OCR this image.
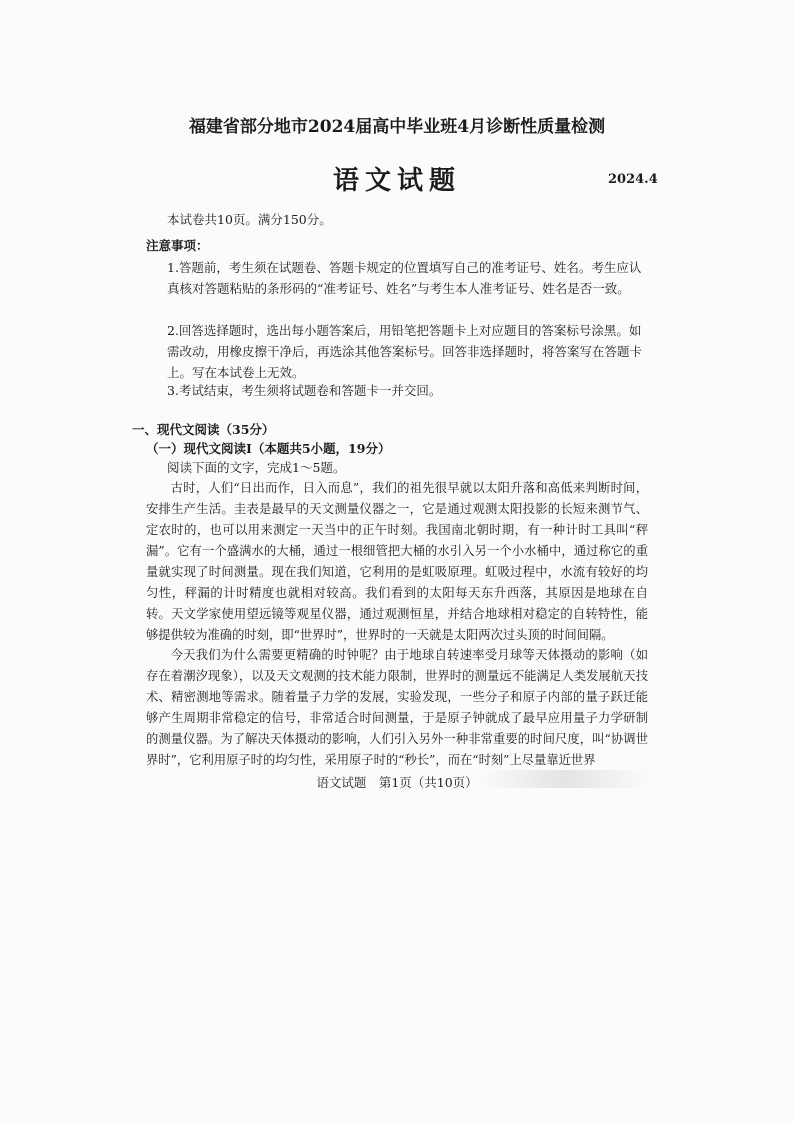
福建省部分地市2024届高中毕业班4月诊断性质量检测
语文试题	2024.4
本试卷共10页。满分150分。
注意事项：
1.答题前，考生须在试题卷、答题卡规定的位置填写自己的准考证号、姓名。考生应认真核对答题粘贴的条形码的“准考证号、姓名”与考生本人准考证号、姓名是否一致。
2.回答选择题时，选出每小题答案后，用铅笔把答题卡上对应题目的答案标号涂黑。如需改动，用橡皮擦干净后，再选涂其他答案标号。回答非选择题时，将答案写在答题卡上。写在本试卷上无效。
3.考试结束，考生须将试题卷和答题卡一并交回。
一、现代文阅读（35分）
（一）现代文阅读Ⅰ（本题共5小题，19分）
阅读下面的文字，完成1～5题。
古时，人们“日出而作，日入而息”，我们的祖先很早就以太阳升落和高低来判断时间，安排生产生活。圭表是最早的天文测量仪器之一，它是通过观测太阳投影的长短来测节气、定农时的，也可以用来测定一天当中的正午时刻。我国南北朝时期，有一种计时工具叫“秤漏”。它有一个盛满水的大桶，通过一根细管把大桶的水引入另一个小水桶中，通过称它的重量就实现了时间测量。现在我们知道，它利用的是虹吸原理。虹吸过程中，水流有较好的均匀性，秤漏的计时精度也就相对较高。我们看到的太阳每天东升西落，其原因是地球在自转。天文学家使用望远镜等观星仪器，通过观测恒星，并结合地球相对稳定的自转特性，能够提供较为准确的时刻，即“世界时”，世界时的一天就是太阳两次过头顶的时间间隔。
今天我们为什么需要更精确的时钟呢？由于地球自转速率受月球等天体摄动的影响（如存在着潮汐现象），以及天文观测的技术能力限制，世界时的测量远不能满足人类发展航天技术、精密测地等需求。随着量子力学的发展，实验发现，一些分子和原子内部的量子跃迁能够产生周期非常稳定的信号，非常适合时间测量，于是原子钟就成了最早应用量子力学研制的测量仪器。为了解决天体摄动的影响，人们引入另外一种非常重要的时间尺度，叫“协调世界时”，它利用原子时的均匀性，采用原子时的“秒长”，而在“时刻”上尽量靠近世界
语文试题　第1页（共10页）
